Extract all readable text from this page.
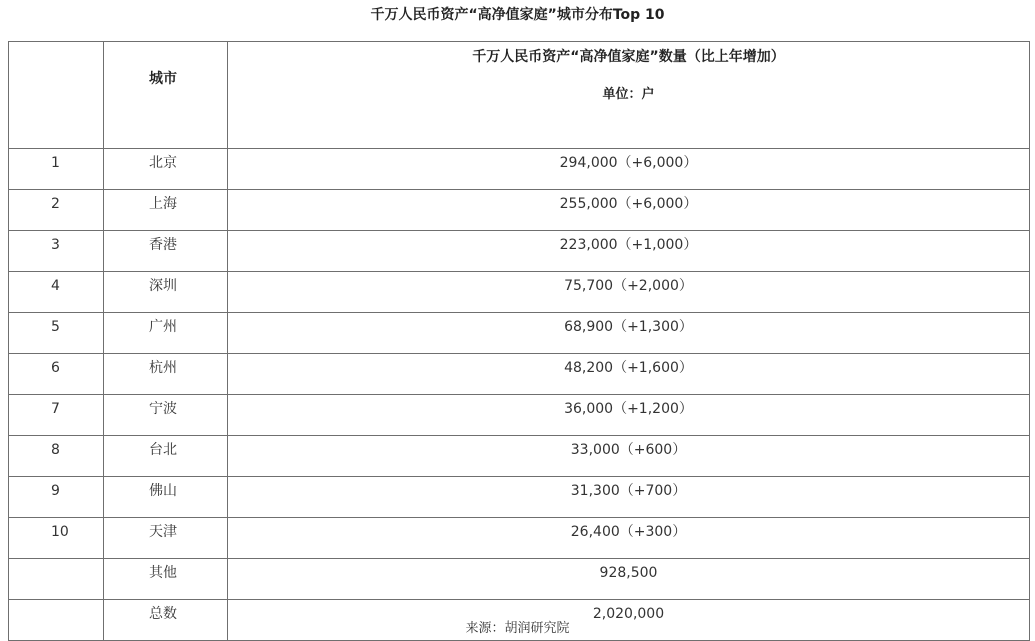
千万人民币资产“高净值家庭”城市分布Top 10
	城市	千万人民币资产“高净值家庭”数量（比上年增加）
单位：户

1	北京	294,000（+6,000）
2	上海	255,000（+6,000）
3	香港	223,000（+1,000）
4	深圳	75,700（+2,000）
5	广州	68,900（+1,300）
6	杭州	48,200（+1,600）
7	宁波	36,000（+1,200）
8	台北	33,000（+600）
9	佛山	31,300（+700）
10	天津	26,400（+300）
	其他	928,500
	总数	2,020,000
来源：胡润研究院
